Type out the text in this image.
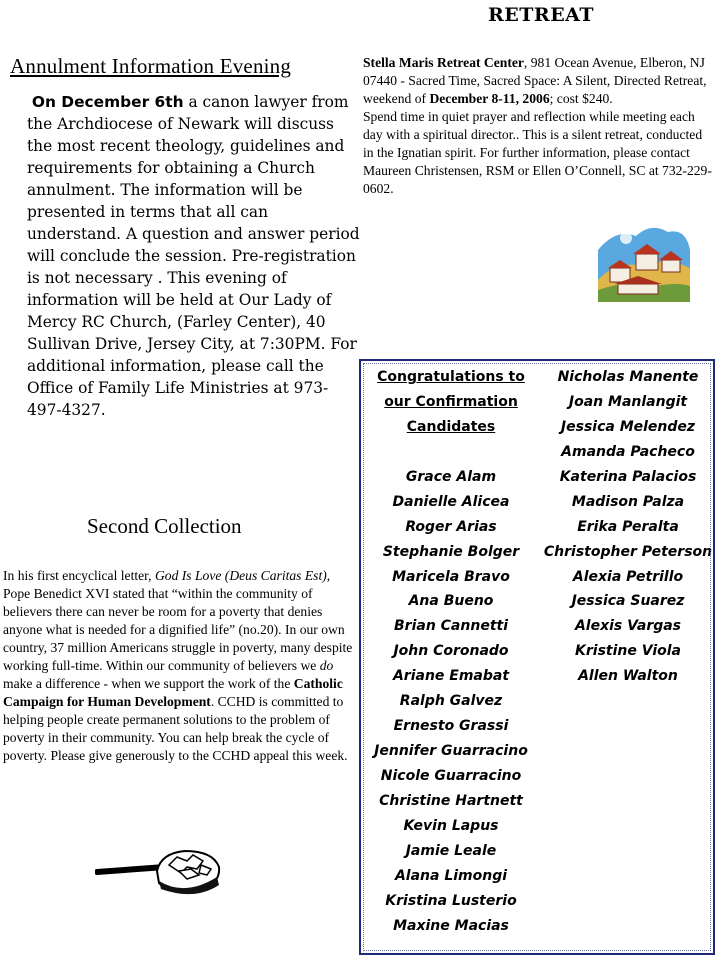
RETREAT
Stella Maris Retreat Center, 981 Ocean Avenue, Elberon, NJ 07440 - Sacred Time, Sacred Space: A Silent, Directed Retreat, weekend of December 8-11, 2006; cost $240.
Spend time in quiet prayer and reflection while meeting each day with a spiritual director.. This is a silent retreat, conducted in the Ignatian spirit. For further information, please contact Maureen Christensen, RSM or Ellen O’Connell, SC at 732-229-0602.
Annulment Information Evening
On December 6th a canon lawyer from the Archdiocese of Newark will discuss the most recent theology, guidelines and requirements for obtaining a Church annulment. The information will be presented in terms that all can understand. A question and answer period will conclude the session. Pre-registration is not necessary . This evening of information will be held at Our Lady of Mercy RC Church, (Farley Center), 40 Sullivan Drive, Jersey City, at 7:30PM. For additional information, please call the Office of Family Life Ministries at 973-497-4327.
Second Collection
In his first encyclical letter, God Is Love (Deus Caritas Est), Pope Benedict XVI stated that “within the community of believers there can never be room for a poverty that denies anyone what is needed for a dignified life” (no.20). In our own country, 37 million Americans struggle in poverty, many despite working full-time. Within our community of believers we do make a difference - when we support the work of the Catholic Campaign for Human Development. CCHD is committed to helping people create permanent solutions to the problem of poverty in their community. You can help break the cycle of poverty. Please give generously to the CCHD appeal this week.
Congratulations to
our Confirmation
Candidates
Grace Alam
Danielle Alicea
Roger Arias
Stephanie Bolger
Maricela Bravo
Ana Bueno
Brian Cannetti
John Coronado
Ariane Emabat
Ralph Galvez
Ernesto Grassi
Jennifer Guarracino
Nicole Guarracino
Christine Hartnett
Kevin Lapus
Jamie Leale
Alana Limongi
Kristina Lusterio
Maxine Macias
Nicholas Manente
Joan Manlangit
Jessica Melendez
Amanda Pacheco
Katerina Palacios
Madison Palza
Erika Peralta
Christopher Peterson
Alexia Petrillo
Jessica Suarez
Alexis Vargas
Kristine Viola
Allen Walton
